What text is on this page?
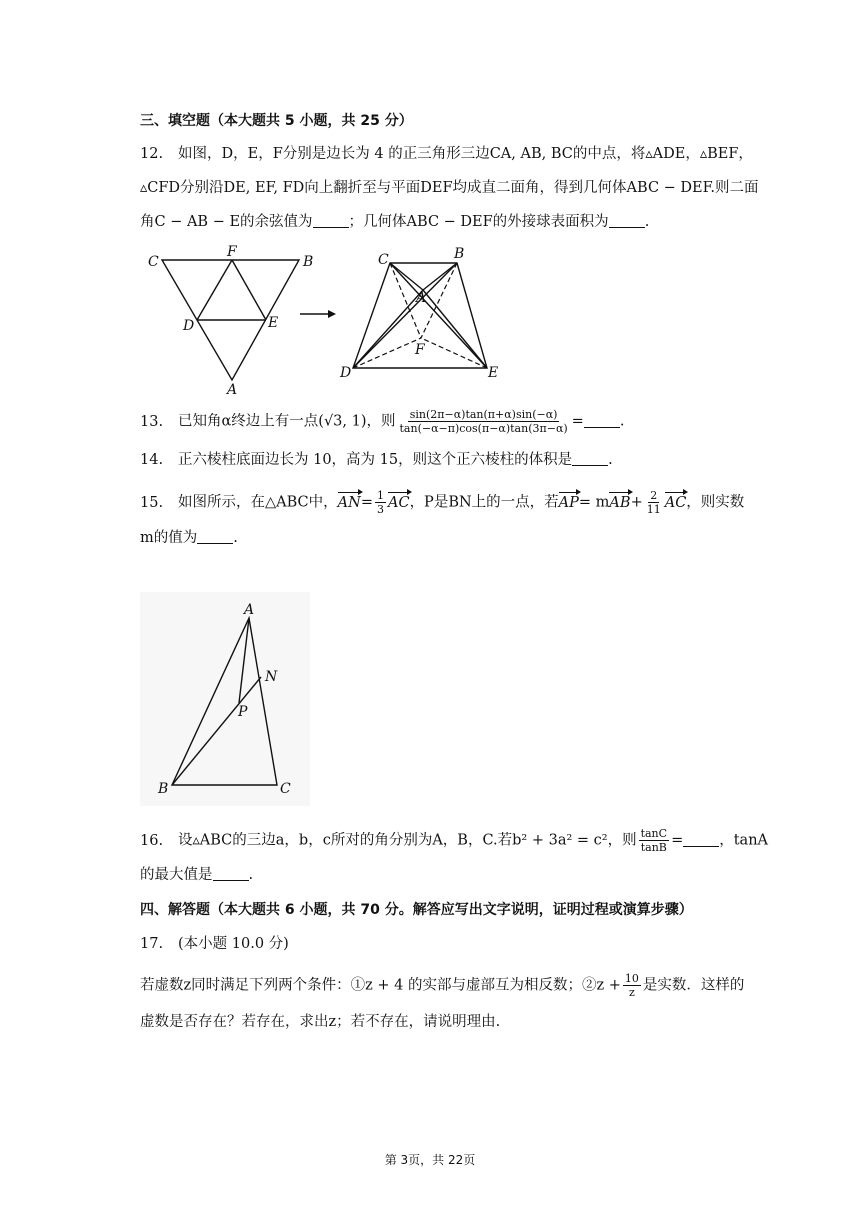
三、填空题（本大题共 5 小题，共 25 分）
12. 如图，D，E，F分别是边长为 4 的正三角形三边CA, AB, BC的中点，将▵ADE，▵BEF，
▵CFD分别沿DE, EF, FD向上翻折至与平面DEF均成直二面角，得到几何体ABC − DEF.则二面
角C − AB − E的余弦值为 ；几何体ABC − DEF的外接球表面积为 .
C
F
B
D	E
A
C	B
A
F
D	E
13. 已知角α终边上有一点(√3, 1)，则 $\frac{\sin(2\pi-\alpha)\tan(\pi+\alpha)\sin(-\alpha)}{\tan(-\alpha-\pi)\cos(\pi-\alpha)\tan(3\pi-\alpha)}$ = .
14. 正六棱柱底面边长为 10，高为 15，则这个正六棱柱的体积是 .
15. 如图所示，在△ABC中，$AN= \frac{1}{3}$ AC，P是BN上的一点，若$AP= mAB+ \frac{2}{11}$ AC，则实数
m的值为 .
A
N
P
B	C
16. 设▵ABC的三边a，b，c所对的角分别为A，B，C.若b² + 3a² = c²，则 $\frac{\tan C}{\tan B}$ = ，tanA
的最大值是 .
四、解答题（本大题共 6 小题，共 70 分。解答应写出文字说明，证明过程或演算步骤）
17. (本小题 10.0 分)
若虚数z同时满足下列两个条件：①z + 4 的实部与虚部互为相反数；②z + $\frac{10}{z}$ 是实数．这样的
虚数是否存在？若存在，求出z；若不存在，请说明理由.
第 3页，共 22页
